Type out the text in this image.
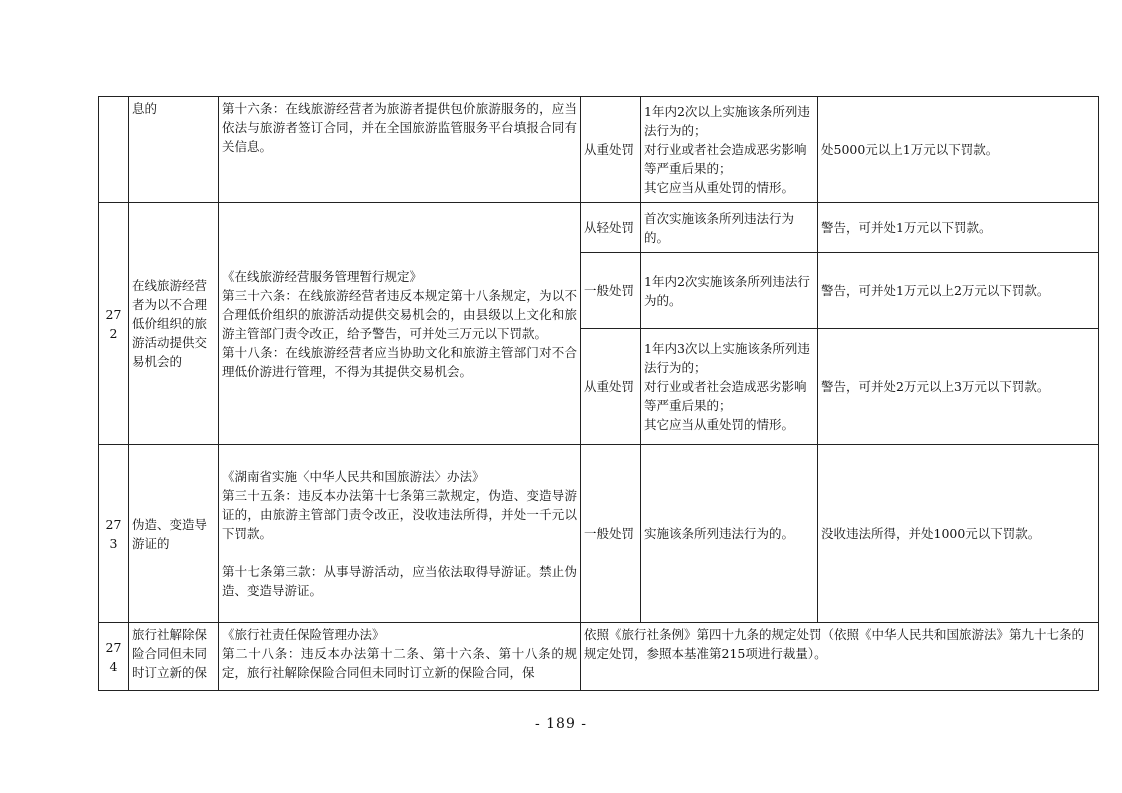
	息的	第十六条：在线旅游经营者为旅游者提供包价旅游服务的，应当依法与旅游者签订合同，并在全国旅游监管服务平台填报合同有关信息。	从重处罚	1年内2次以上实施该条所列违法行为的；
对行业或者社会造成恶劣影响等严重后果的；
其它应当从重处罚的情形。	处5000元以上1万元以下罚款。
272	在线旅游经营者为以不合理低价组织的旅游活动提供交易机会的	《在线旅游经营服务管理暂行规定》
第三十六条：在线旅游经营者违反本规定第十八条规定，为以不合理低价组织的旅游活动提供交易机会的，由县级以上文化和旅游主管部门责令改正，给予警告，可并处三万元以下罚款。
第十八条：在线旅游经营者应当协助文化和旅游主管部门对不合理低价游进行管理，不得为其提供交易机会。	从轻处罚	首次实施该条所列违法行为的。	警告，可并处1万元以下罚款。
			一般处罚	1年内2次实施该条所列违法行为的。	警告，可并处1万元以上2万元以下罚款。
			从重处罚	1年内3次以上实施该条所列违法行为的；
对行业或者社会造成恶劣影响等严重后果的；
其它应当从重处罚的情形。	警告，可并处2万元以上3万元以下罚款。
273	伪造、变造导游证的	《湖南省实施〈中华人民共和国旅游法〉办法》
第三十五条：违反本办法第十七条第三款规定，伪造、变造导游证的，由旅游主管部门责令改正，没收违法所得，并处一千元以下罚款。
第十七条第三款：从事导游活动，应当依法取得导游证。禁止伪造、变造导游证。	一般处罚	实施该条所列违法行为的。	没收违法所得，并处1000元以下罚款。
274	旅行社解除保险合同但未同时订立新的保	《旅行社责任保险管理办法》
第二十八条：违反本办法第十二条、第十六条、第十八条的规定，旅行社解除保险合同但未同时订立新的保险合同，保	依照《旅行社条例》第四十九条的规定处罚（依照《中华人民共和国旅游法》第九十七条的规定处罚，参照本基准第215项进行裁量）。		
- 189 -
